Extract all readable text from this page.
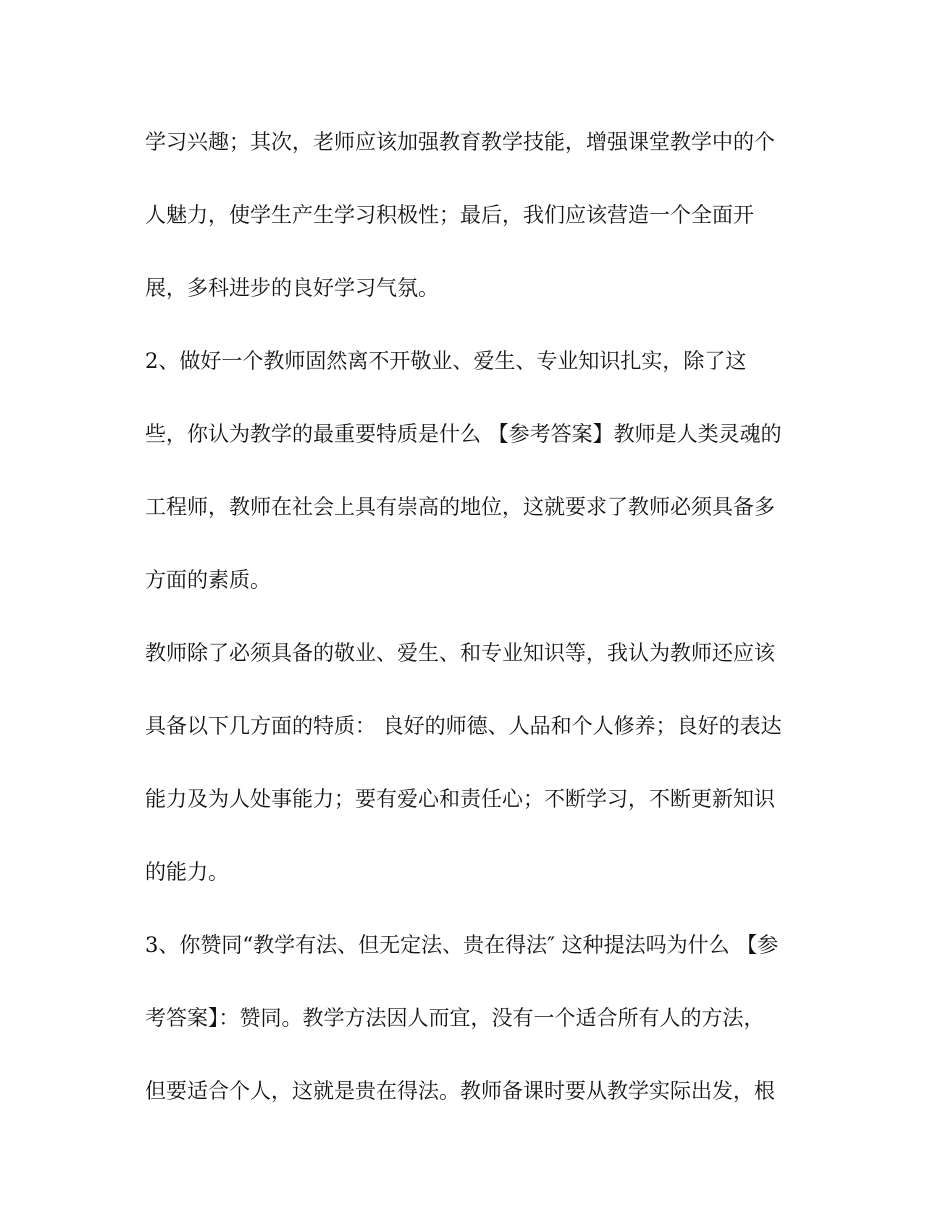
学习兴趣；其次，老师应该加强教育教学技能，增强课堂教学中的个
人魅力，使学生产生学习积极性；最后，我们应该营造一个全面开
展，多科进步的良好学习气氛。
2、做好一个教师固然离不开敬业、爱生、专业知识扎实，除了这
些，你认为教学的最重要特质是什么 【参考答案】教师是人类灵魂的
工程师，教师在社会上具有崇高的地位，这就要求了教师必须具备多
方面的素质。
教师除了必须具备的敬业、爱生、和专业知识等，我认为教师还应该
具备以下几方面的特质： 良好的师德、人品和个人修养；良好的表达
能力及为人处事能力；要有爱心和责任心；不断学习，不断更新知识
的能力。
3、你赞同“教学有法、但无定法、贵在得法″ 这种提法吗为什么 【参
考答案】：赞同。教学方法因人而宜，没有一个适合所有人的方法，
但要适合个人，这就是贵在得法。教师备课时要从教学实际出发，根
